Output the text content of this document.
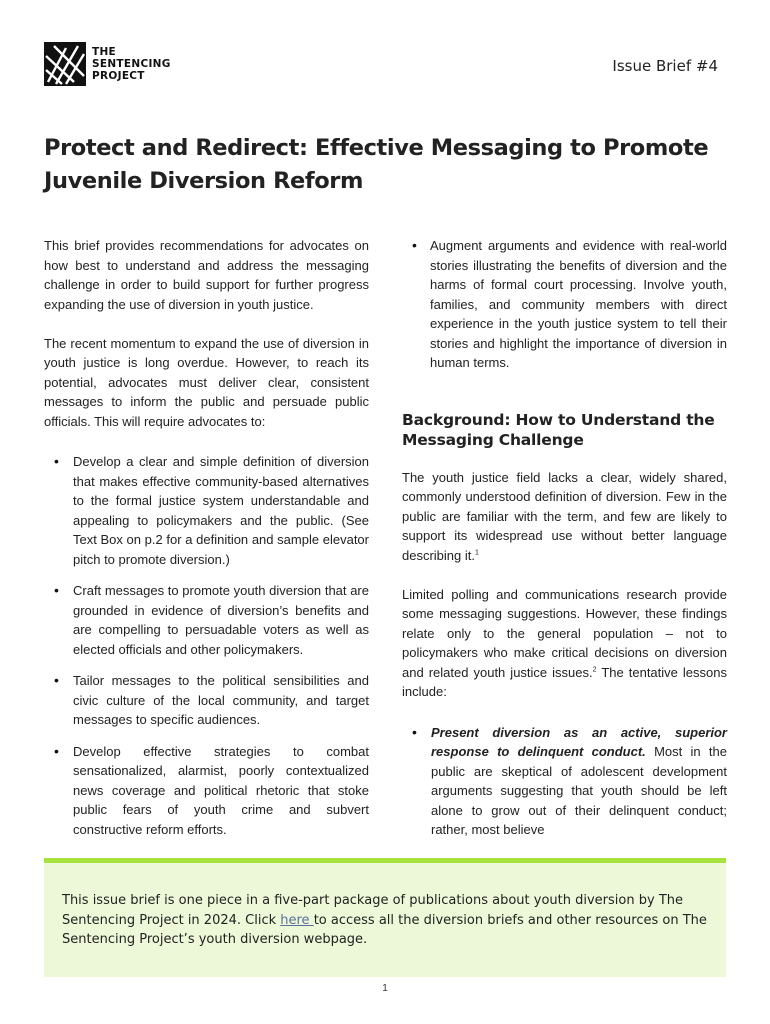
THE
SENTENCING
PROJECT
Issue Brief #4
Protect and Redirect: Effective Messaging to Promote Juvenile Diversion Reform

This brief provides recommendations for advocates on how best to understand and address the messaging challenge in order to build support for further progress expanding the use of diversion in youth justice.

The recent momentum to expand the use of diversion in youth justice is long overdue. However, to reach its potential, advocates must deliver clear, consistent messages to inform the public and persuade public officials. This will require advocates to:

• Develop a clear and simple definition of diversion that makes effective community-based alternatives to the formal justice system understandable and appealing to policymakers and the public. (See Text Box on p.2 for a definition and sample elevator pitch to promote diversion.)
• Craft messages to promote youth diversion that are grounded in evidence of diversion’s benefits and are compelling to persuadable voters as well as elected officials and other policymakers.
• Tailor messages to the political sensibilities and civic culture of the local community, and target messages to specific audiences.
• Develop effective strategies to combat sensationalized, alarmist, poorly contextualized news coverage and political rhetoric that stoke public fears of youth crime and subvert constructive reform efforts.
• Augment arguments and evidence with real-world stories illustrating the benefits of diversion and the harms of formal court processing. Involve youth, families, and community members with direct experience in the youth justice system to tell their stories and highlight the importance of diversion in human terms.
Background: How to Understand the Messaging Challenge

The youth justice field lacks a clear, widely shared, commonly understood definition of diversion. Few in the public are familiar with the term, and few are likely to support its widespread use without better language describing it.$^1$

Limited polling and communications research provide some messaging suggestions. However, these findings relate only to the general population – not to policymakers who make critical decisions on diversion and related youth justice issues.$^2$ The tentative lessons include:

• Present diversion as an active, superior response to delinquent conduct. Most in the public are skeptical of adolescent development arguments suggesting that youth should be left alone to grow out of their delinquent conduct; rather, most believe

This issue brief is one piece in a five-part package of publications about youth diversion by The Sentencing Project in 2024. Click here to access all the diversion briefs and other resources on The Sentencing Project’s youth diversion webpage.

1
